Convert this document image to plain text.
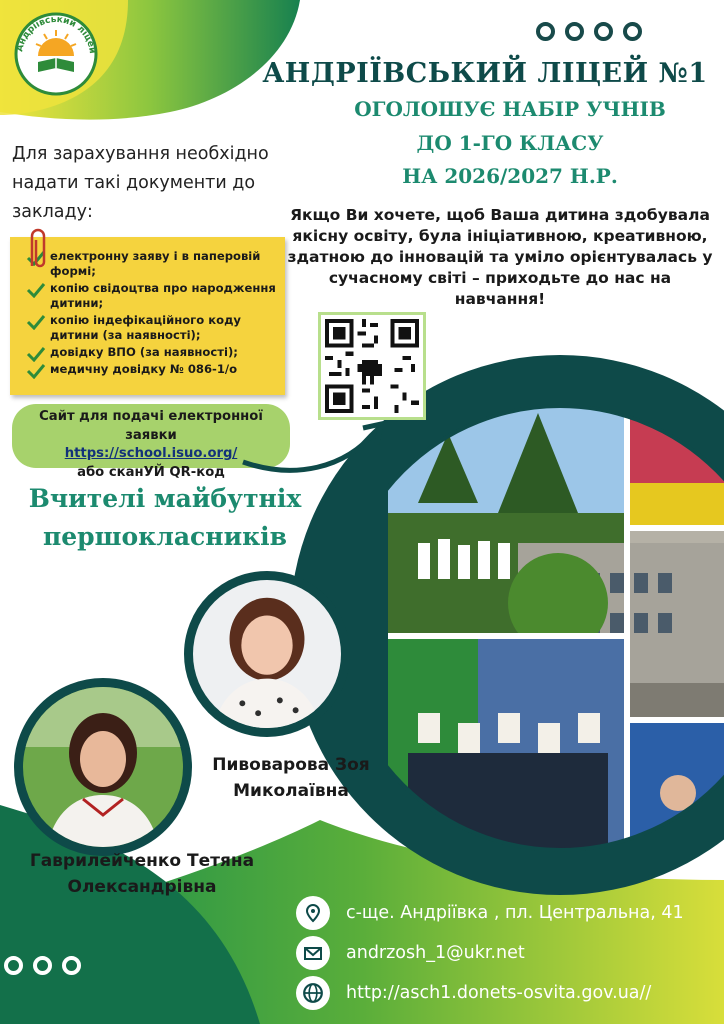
Андріївський ліцей
АНДРІЇВСЬКИЙ ЛІЦЕЙ №1
ОГОЛОШУЄ НАБІР УЧНІВ
ДО 1-ГО КЛАСУ
НА 2026/2027 Н.Р.
Якщо Ви хочете, щоб Ваша дитина здобувала якісну освіту, була ініціативною, креативною, здатною до інновацій та уміло орієнтувалась у сучасному світі – приходьте до нас на навчання!
Для зарахування необхідно надати такі документи до закладу:
електронну заяву і в паперовій формі;
копію свідоцтва про народження дитини;
копію індефікаційного коду дитини (за наявності);
довідку ВПО (за наявності);
медичну довідку № 086-1/о
Сайт для подачі електронної заявки
https://school.isuo.org/
або сканУЙ QR-код
Вчителі майбутніх першокласників
Пивоварова Зоя Миколаївна
Гаврилейченко Тетяна Олександрівна
с-ще. Андріївка , пл. Центральна, 41
andrzosh_1@ukr.net
http://asch1.donets-osvita.gov.ua//
